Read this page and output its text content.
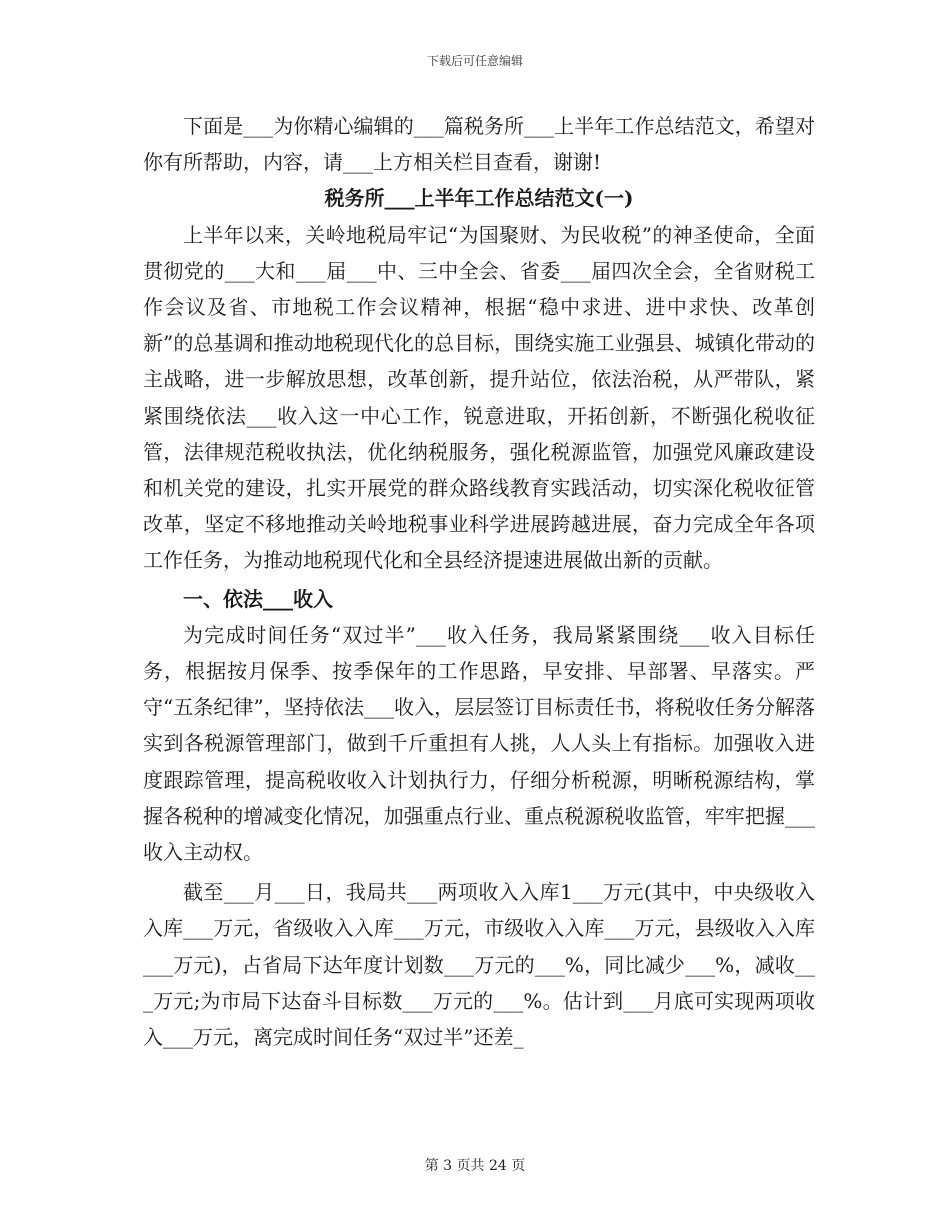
下载后可任意编辑

下面是___为你精心编辑的___篇税务所___上半年工作总结范文，希望对你有所帮助，内容，请___上方相关栏目查看，谢谢!

税务所___上半年工作总结范文(一)

上半年以来，关岭地税局牢记“为国聚财、为民收税”的神圣使命，全面贯彻党的___大和___届___中、三中全会、省委___届四次全会，全省财税工作会议及省、市地税工作会议精神，根据“稳中求进、进中求快、改革创新”的总基调和推动地税现代化的总目标，围绕实施工业强县、城镇化带动的主战略，进一步解放思想，改革创新，提升站位，依法治税，从严带队，紧紧围绕依法___收入这一中心工作，锐意进取，开拓创新，不断强化税收征管，法律规范税收执法，优化纳税服务，强化税源监管，加强党风廉政建设和机关党的建设，扎实开展党的群众路线教育实践活动，切实深化税收征管改革，坚定不移地推动关岭地税事业科学进展跨越进展，奋力完成全年各项工作任务，为推动地税现代化和全县经济提速进展做出新的贡献。

一、依法___收入

为完成时间任务“双过半”___收入任务，我局紧紧围绕___收入目标任务，根据按月保季、按季保年的工作思路，早安排、早部署、早落实。严守“五条纪律”，坚持依法___收入，层层签订目标责任书，将税收任务分解落实到各税源管理部门，做到千斤重担有人挑，人人头上有指标。加强收入进度跟踪管理，提高税收收入计划执行力，仔细分析税源，明晰税源结构，掌握各税种的增减变化情况，加强重点行业、重点税源税收监管，牢牢把握___收入主动权。

截至___月___日，我局共___两项收入入库1___万元(其中，中央级收入入库___万元，省级收入入库___万元，市级收入入库___万元，县级收入入库___万元)，占省局下达年度计划数___万元的___%，同比减少___%，减收___万元;为市局下达奋斗目标数___万元的___%。估计到___月底可实现两项收入___万元，离完成时间任务“双过半”还差_

第 3 页共 24 页
